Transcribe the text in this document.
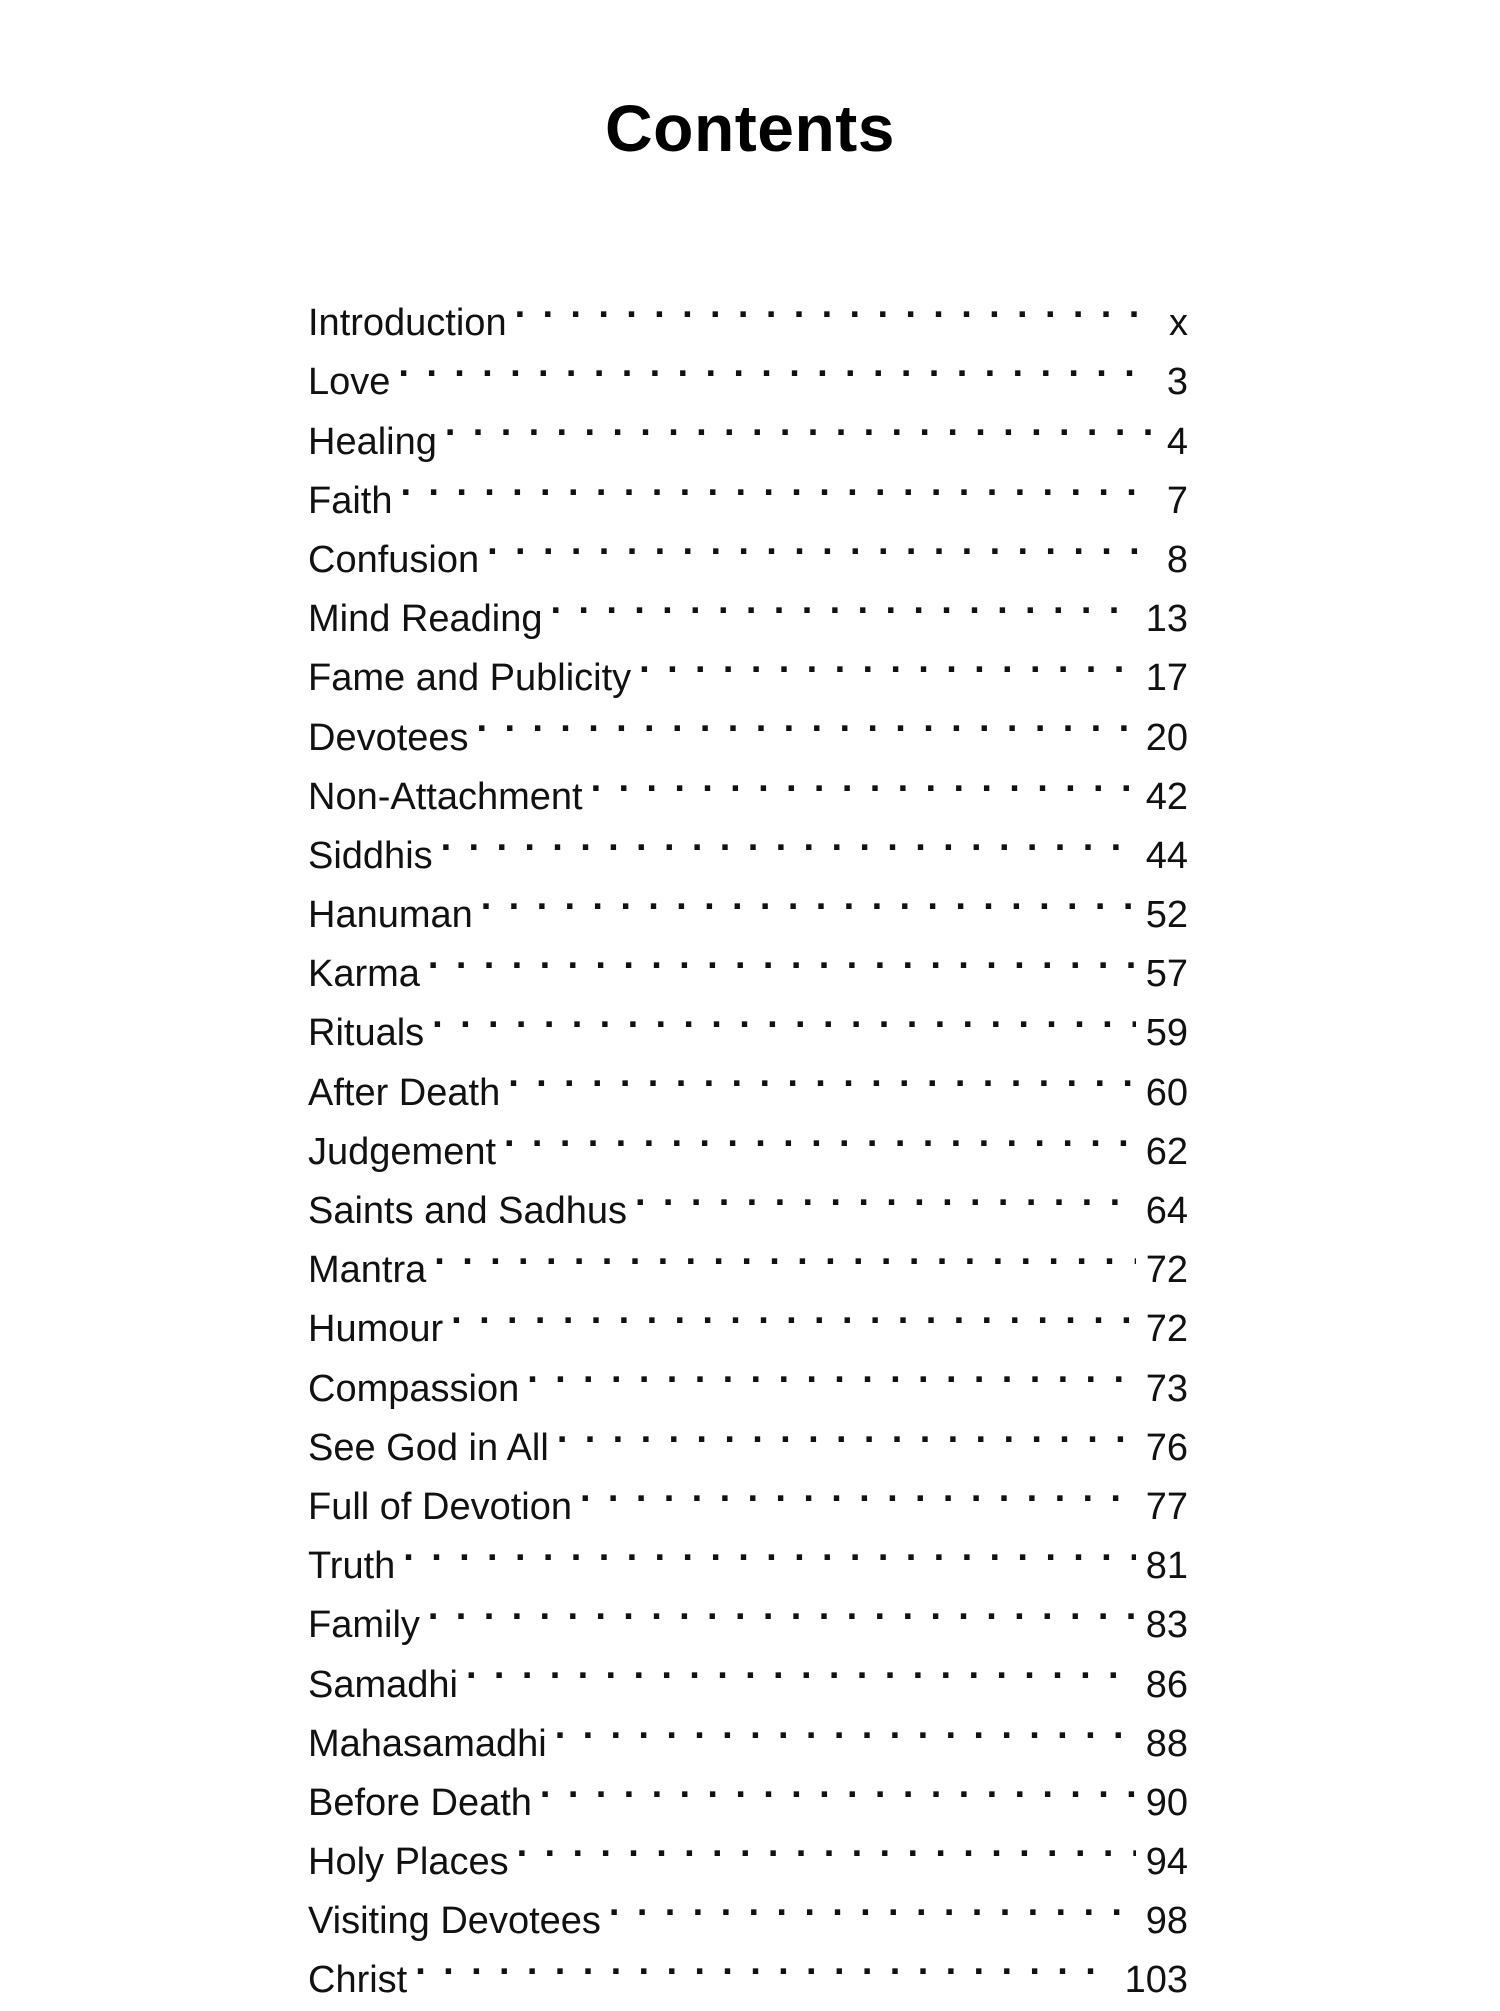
Contents
Introduction . . .	x
Love . . .	3
Healing . . .	4
Faith . . .	7
Confusion . . .	8
Mind Reading . . .	13
Fame and Publicity . . .	17
Devotees . . .	20
Non-Attachment . . .	42
Siddhis . . .	44
Hanuman . . .	52
Karma . . .	57
Rituals . . .	59
After Death . . .	60
Judgement . . .	62
Saints and Sadhus . . .	64
Mantra . . .	72
Humour . . .	72
Compassion . . .	73
See God in All . . .	76
Full of Devotion . . .	77
Truth . . .	81
Family . . .	83
Samadhi . . .	86
Mahasamadhi . . .	88
Before Death . . .	90
Holy Places . . .	94
Visiting Devotees . . .	98
Christ . . .	103
